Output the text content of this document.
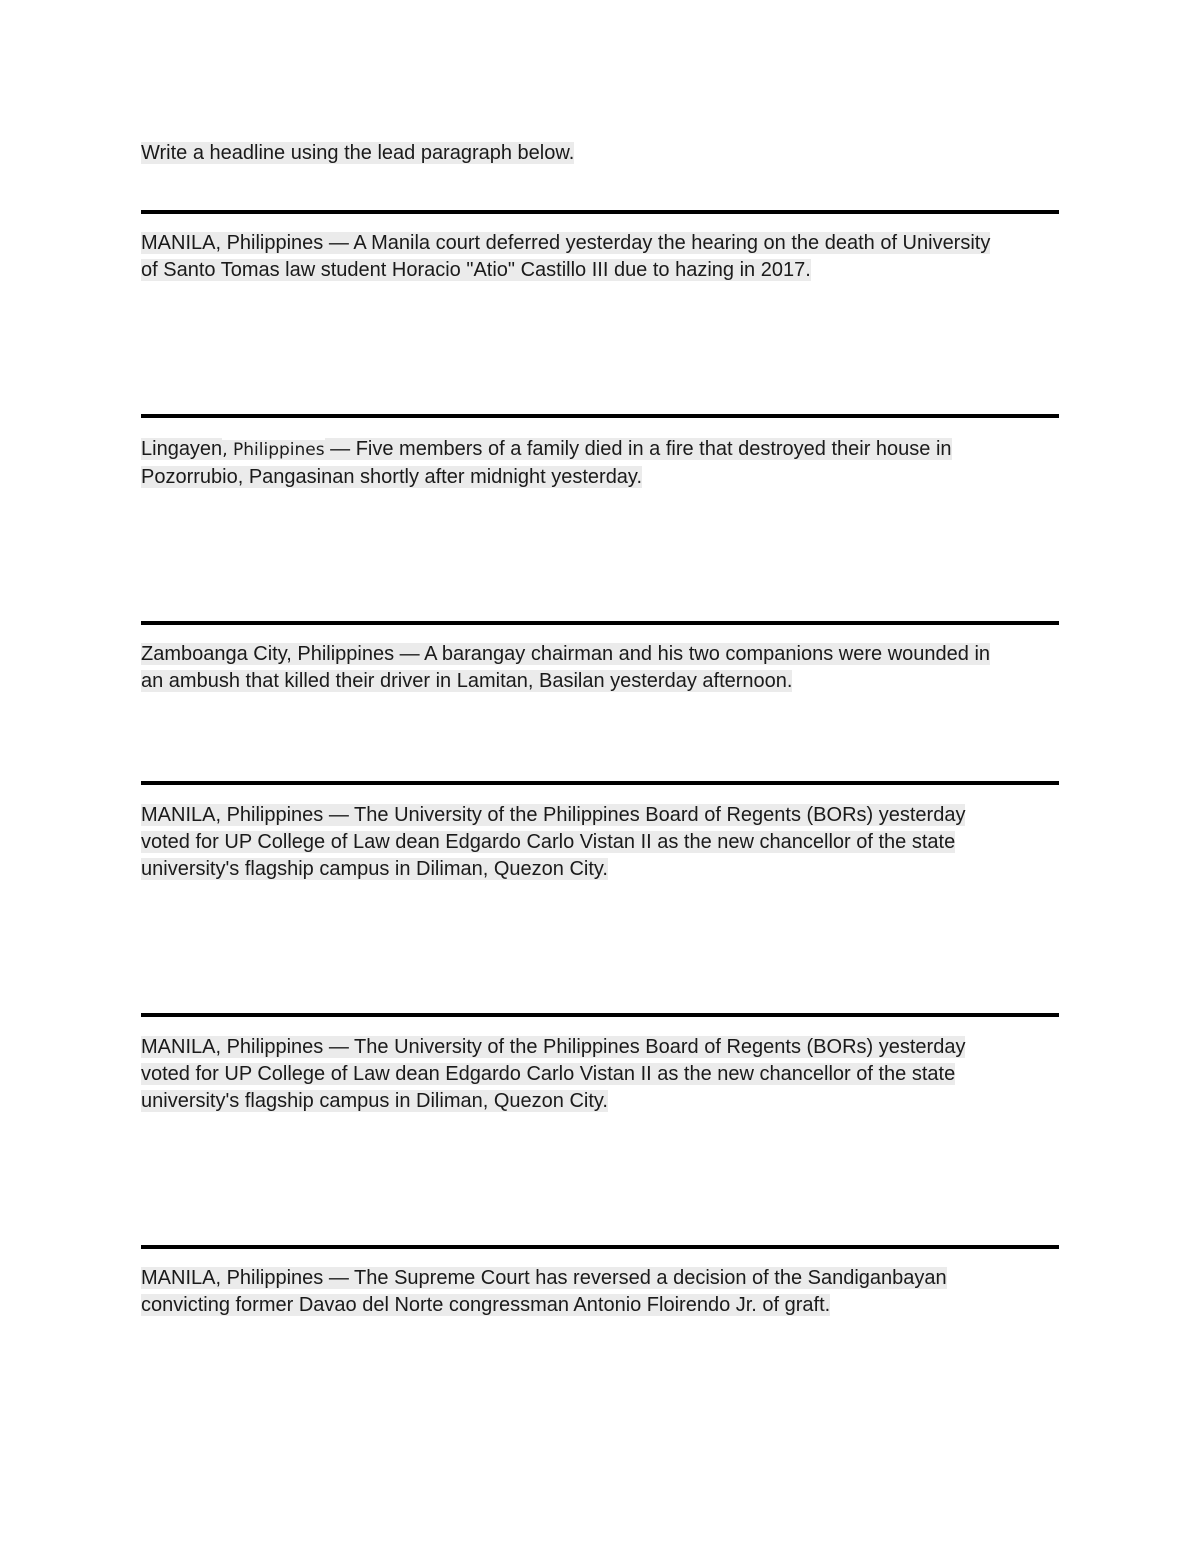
Write a headline using the lead paragraph below.
MANILA, Philippines — A Manila court deferred yesterday the hearing on the death of University
of Santo Tomas law student Horacio "Atio" Castillo III due to hazing in 2017.
Lingayen, Philippines — Five members of a family died in a fire that destroyed their house in
Pozorrubio, Pangasinan shortly after midnight yesterday.
Zamboanga City, Philippines — A barangay chairman and his two companions were wounded in
an ambush that killed their driver in Lamitan, Basilan yesterday afternoon.
MANILA, Philippines — The University of the Philippines Board of Regents (BORs) yesterday
voted for UP College of Law dean Edgardo Carlo Vistan II as the new chancellor of the state
university's flagship campus in Diliman, Quezon City.
MANILA, Philippines — The University of the Philippines Board of Regents (BORs) yesterday
voted for UP College of Law dean Edgardo Carlo Vistan II as the new chancellor of the state
university's flagship campus in Diliman, Quezon City.
MANILA, Philippines — The Supreme Court has reversed a decision of the Sandiganbayan
convicting former Davao del Norte congressman Antonio Floirendo Jr. of graft.
